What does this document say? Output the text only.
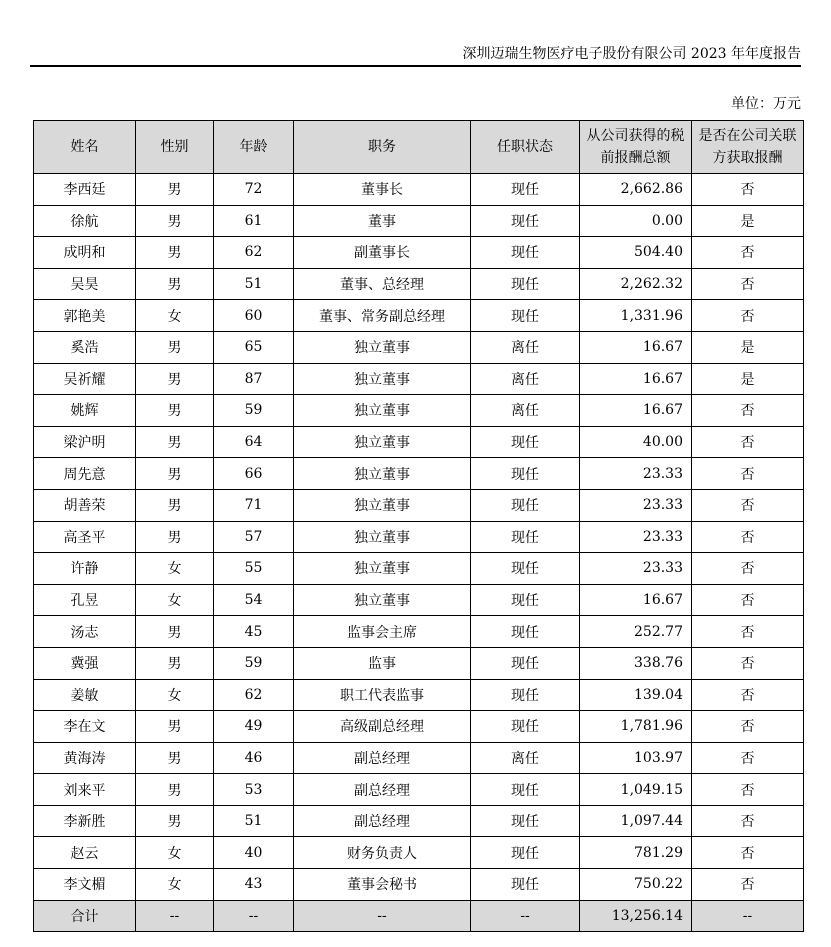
深圳迈瑞生物医疗电子股份有限公司 2023 年年度报告
单位：万元
姓名	性别	年龄	职务	任职状态	从公司获得的税前报酬总额	是否在公司关联方获取报酬
李西廷	男	72	董事长	现任	2,662.86	否
徐航	男	61	董事	现任	0.00	是
成明和	男	62	副董事长	现任	504.40	否
吴昊	男	51	董事、总经理	现任	2,262.32	否
郭艳美	女	60	董事、常务副总经理	现任	1,331.96	否
奚浩	男	65	独立董事	离任	16.67	是
吴祈耀	男	87	独立董事	离任	16.67	是
姚辉	男	59	独立董事	离任	16.67	否
梁沪明	男	64	独立董事	现任	40.00	否
周先意	男	66	独立董事	现任	23.33	否
胡善荣	男	71	独立董事	现任	23.33	否
高圣平	男	57	独立董事	现任	23.33	否
许静	女	55	独立董事	现任	23.33	否
孔昱	女	54	独立董事	现任	16.67	否
汤志	男	45	监事会主席	现任	252.77	否
冀强	男	59	监事	现任	338.76	否
姜敏	女	62	职工代表监事	现任	139.04	否
李在文	男	49	高级副总经理	现任	1,781.96	否
黄海涛	男	46	副总经理	离任	103.97	否
刘来平	男	53	副总经理	现任	1,049.15	否
李新胜	男	51	副总经理	现任	1,097.44	否
赵云	女	40	财务负责人	现任	781.29	否
李文楣	女	43	董事会秘书	现任	750.22	否
合计	--	--	--	--	13,256.14	--
